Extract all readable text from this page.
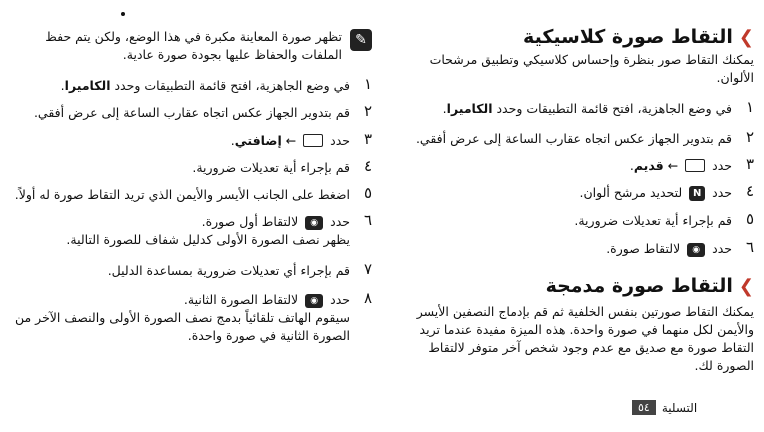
❯التقاط صورة كلاسيكية
يمكنك التقاط صور بنظرة وإحساس كلاسيكي وتطبيق مرشحات الألوان.
١
في وضع الجاهزية، افتح قائمة التطبيقات وحدد الكاميرا.
٢
قم بتدوير الجهاز عكس اتجاه عقارب الساعة إلى عرض أفقي.
٣
حدد  ← قديم.
٤
حدد N لتحديد مرشح ألوان.
٥
قم بإجراء أية تعديلات ضرورية.
٦
حدد ◉ لالتقاط صورة.
❯التقاط صورة مدمجة
يمكنك التقاط صورتين بنفس الخلفية ثم قم بإدماج النصفين الأيسر والأيمن لكل منهما في صورة واحدة. هذه الميزة مفيدة عندما تريد التقاط صورة مع صديق مع عدم وجود شخص آخر متوفر لالتقاط الصورة لك.
✎
تظهر صورة المعاينة مكبرة في هذا الوضع، ولكن يتم حفظ الملفات والحفاظ عليها بجودة صورة عادية.
١
في وضع الجاهزية، افتح قائمة التطبيقات وحدد الكاميرا.
٢
قم بتدوير الجهاز عكس اتجاه عقارب الساعة إلى عرض أفقي.
٣
حدد  ← إضافتي.
٤
قم بإجراء أية تعديلات ضرورية.
٥
اضغط على الجانب الأيسر والأيمن الذي تريد التقاط صورة له أولاً.
٦
حدد ◉ لالتقاط أول صورة.
يظهر نصف الصورة الأولى كدليل شفاف للصورة التالية.
٧
قم بإجراء أي تعديلات ضرورية بمساعدة الدليل.
٨
حدد ◉ لالتقاط الصورة الثانية.
سيقوم الهاتف تلقائياً بدمج نصف الصورة الأولى والنصف الآخر من الصورة الثانية في صورة واحدة.
التسلية
٥٤
